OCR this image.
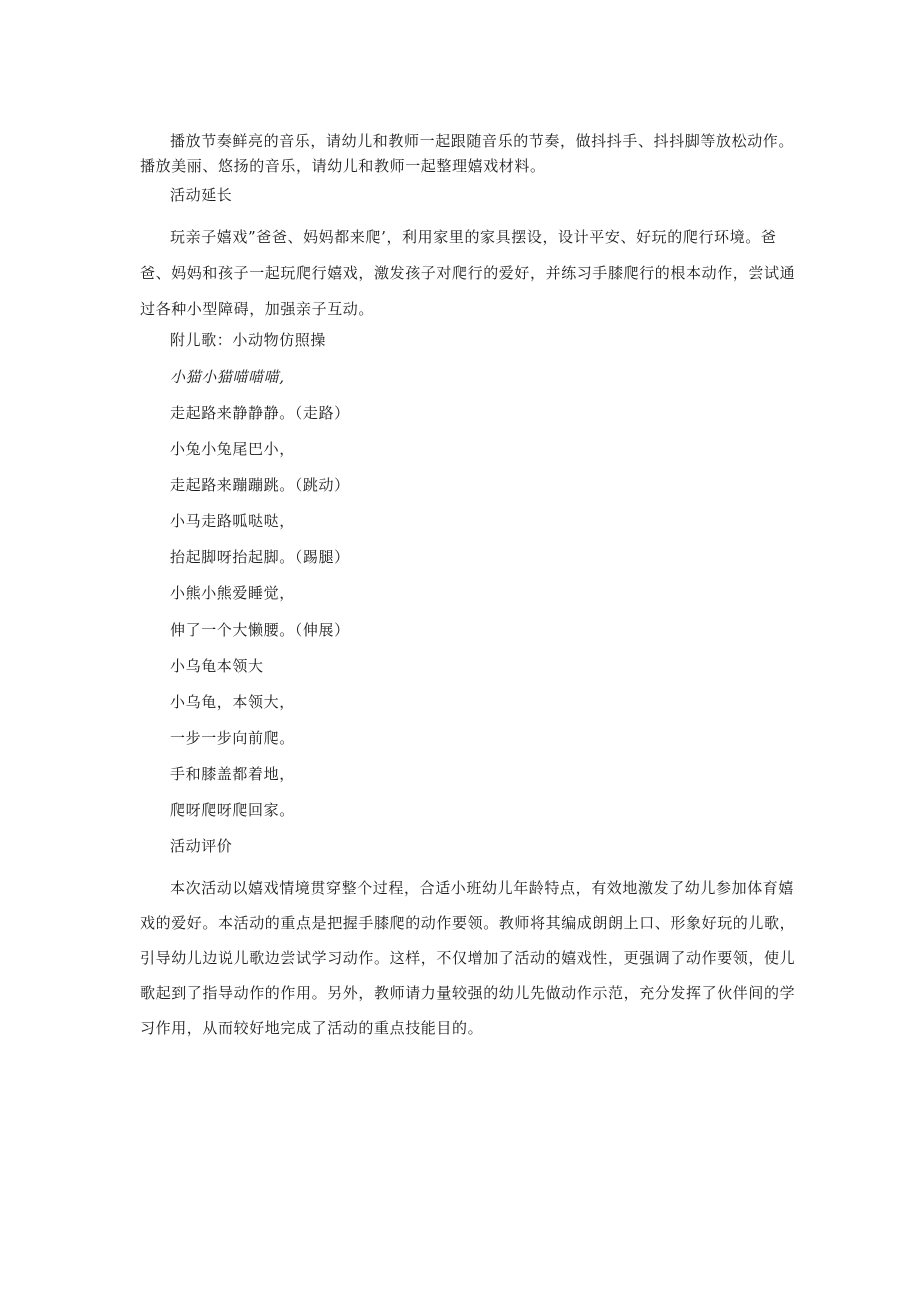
播放节奏鲜亮的音乐，请幼儿和教师一起跟随音乐的节奏，做抖抖手、抖抖脚等放松动作。播放美丽、悠扬的音乐，请幼儿和教师一起整理嬉戏材料。

活动延长

玩亲子嬉戏”爸爸、妈妈都来爬’，利用家里的家具摆设，设计平安、好玩的爬行环境。爸爸、妈妈和孩子一起玩爬行嬉戏，激发孩子对爬行的爱好，并练习手膝爬行的根本动作，尝试通过各种小型障碍，加强亲子互动。

附儿歌：小动物仿照操

小猫小猫喵喵喵,

走起路来静静静。（走路）

小兔小兔尾巴小，

走起路来蹦蹦跳。（跳动）

小马走路呱哒哒，

抬起脚呀抬起脚。（踢腿）

小熊小熊爱睡觉，

伸了一个大懒腰。（伸展）

小乌龟本领大

小乌龟，本领大，

一步一步向前爬。

手和膝盖都着地，

爬呀爬呀爬回家。

活动评价

本次活动以嬉戏情境贯穿整个过程，合适小班幼儿年龄特点，有效地激发了幼儿参加体育嬉戏的爱好。本活动的重点是把握手膝爬的动作要领。教师将其编成朗朗上口、形象好玩的儿歌，引导幼儿边说儿歌边尝试学习动作。这样，不仅增加了活动的嬉戏性，更强调了动作要领，使儿歌起到了指导动作的作用。另外，教师请力量较强的幼儿先做动作示范，充分发挥了伙伴间的学习作用，从而较好地完成了活动的重点技能目的。
